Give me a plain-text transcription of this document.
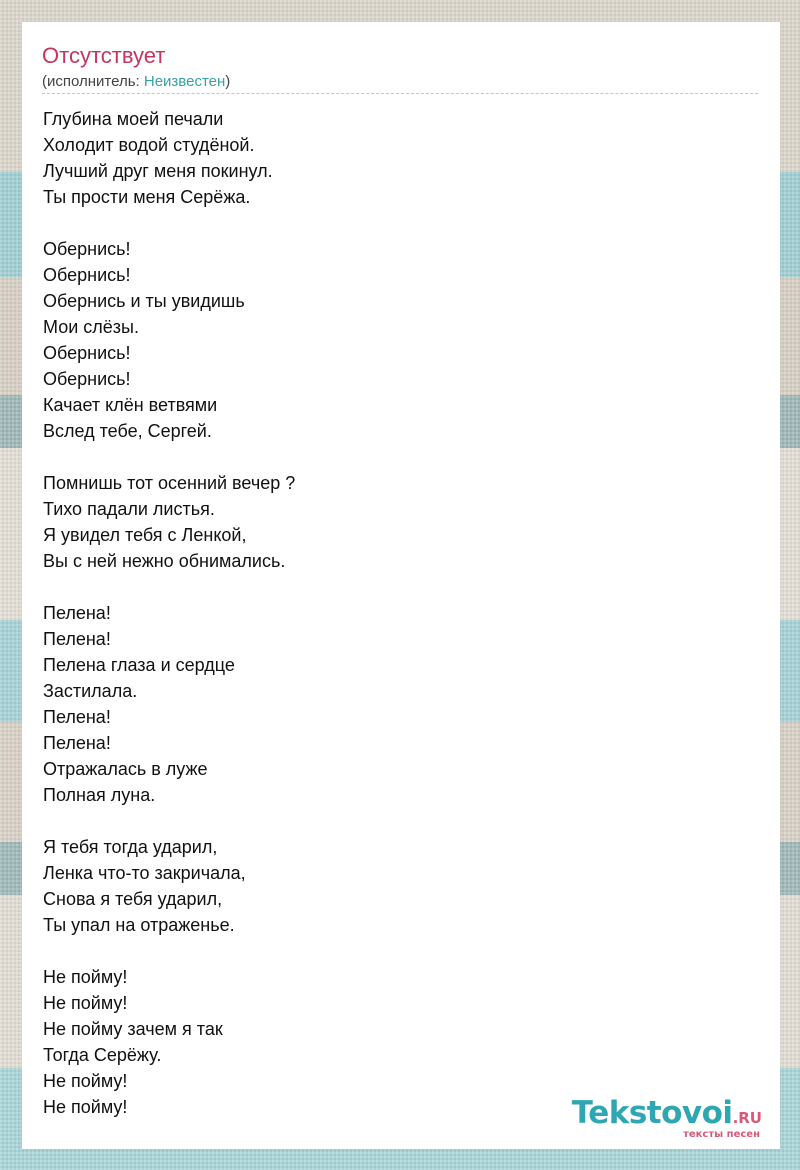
Отсутствует
(исполнитель: Неизвестен)
Глубина моей печали
Холодит водой студёной.
Лучший друг меня покинул.
Ты прости меня Серёжа.
Обернись!
Обернись!
Обернись и ты увидишь
Мои слёзы.
Обернись!
Обернись!
Качает клён ветвями
Вслед тебе, Сергей.
Помнишь тот осенний вечер ?
Тихо падали листья.
Я увидел тебя с Ленкой,
Вы с ней нежно обнимались.
Пелена!
Пелена!
Пелена глаза и сердце
Застилала.
Пелена!
Пелена!
Отражалась в луже
Полная луна.
Я тебя тогда ударил,
Ленка что-то закричала,
Снова я тебя ударил,
Ты упал на отраженье.
Не пойму!
Не пойму!
Не пойму зачем я так
Тогда Серёжу.
Не пойму!
Не пойму!	Tekstovoi.RU
тексты песен
